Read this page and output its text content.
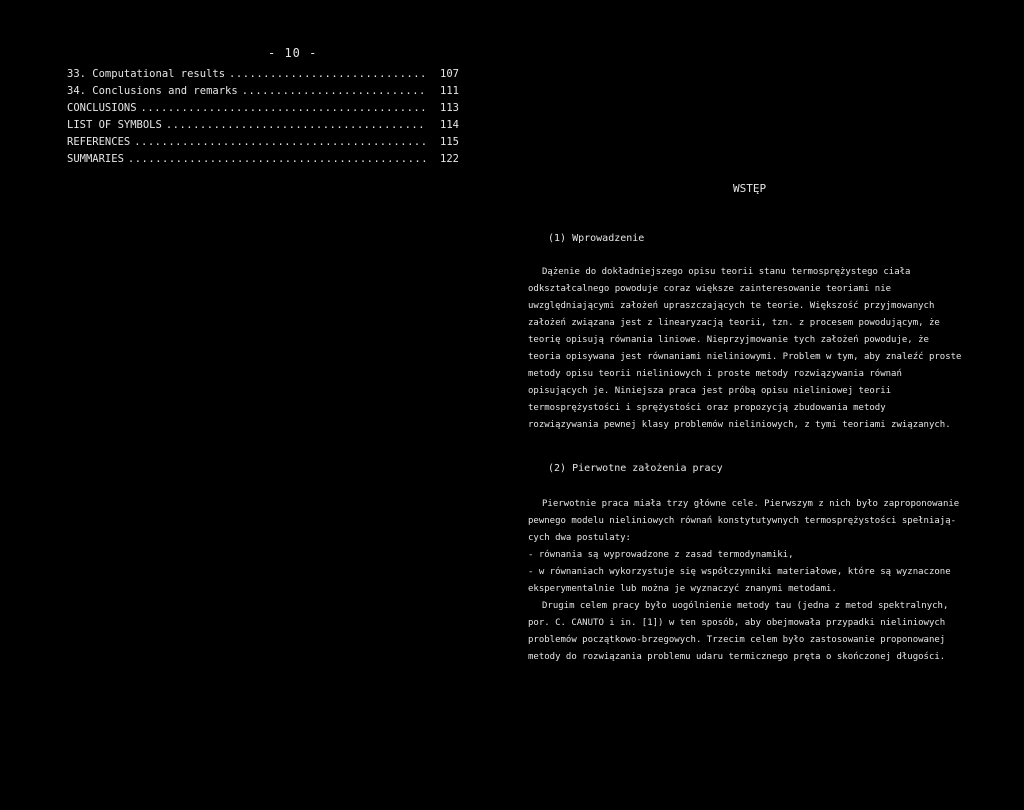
- 10 -
33. Computational results .....	107
34. Conclusions and remarks .....	111
CONCLUSIONS .....	113
LIST OF SYMBOLS .....	114
REFERENCES .....	115
SUMMARIES .....	122
WSTĘP
(1) Wprowadzenie
Dążenie do dokładniejszego opisu teorii stanu termosprężystego ciała
odkształcalnego powoduje coraz większe zainteresowanie teoriami nie
uwzględniającymi założeń upraszczających te teorie. Większość przyjmowanych
założeń związana jest z linearyzacją teorii, tzn. z procesem powodującym, że
teorię opisują równania liniowe. Nieprzyjmowanie tych założeń powoduje, że
teoria opisywana jest równaniami nieliniowymi. Problem w tym, aby znaleźć proste
metody opisu teorii nieliniowych i proste metody rozwiązywania równań
opisujących je. Niniejsza praca jest próbą opisu nieliniowej teorii
termosprężystości i sprężystości oraz propozycją zbudowania metody
rozwiązywania pewnej klasy problemów nieliniowych, z tymi teoriami związanych.
(2) Pierwotne założenia pracy
Pierwotnie praca miała trzy główne cele. Pierwszym z nich było zaproponowanie
pewnego modelu nieliniowych równań konstytutywnych termosprężystości spełniają-
cych dwa postulaty:
- równania są wyprowadzone z zasad termodynamiki,
- w równaniach wykorzystuje się współczynniki materiałowe, które są wyznaczone
eksperymentalnie lub można je wyznaczyć znanymi metodami.
Drugim celem pracy było uogólnienie metody tau (jedna z metod spektralnych,
por. C. CANUTO i in. [1]) w ten sposób, aby obejmowała przypadki nieliniowych
problemów początkowo-brzegowych. Trzecim celem było zastosowanie proponowanej
metody do rozwiązania problemu udaru termicznego pręta o skończonej długości.
